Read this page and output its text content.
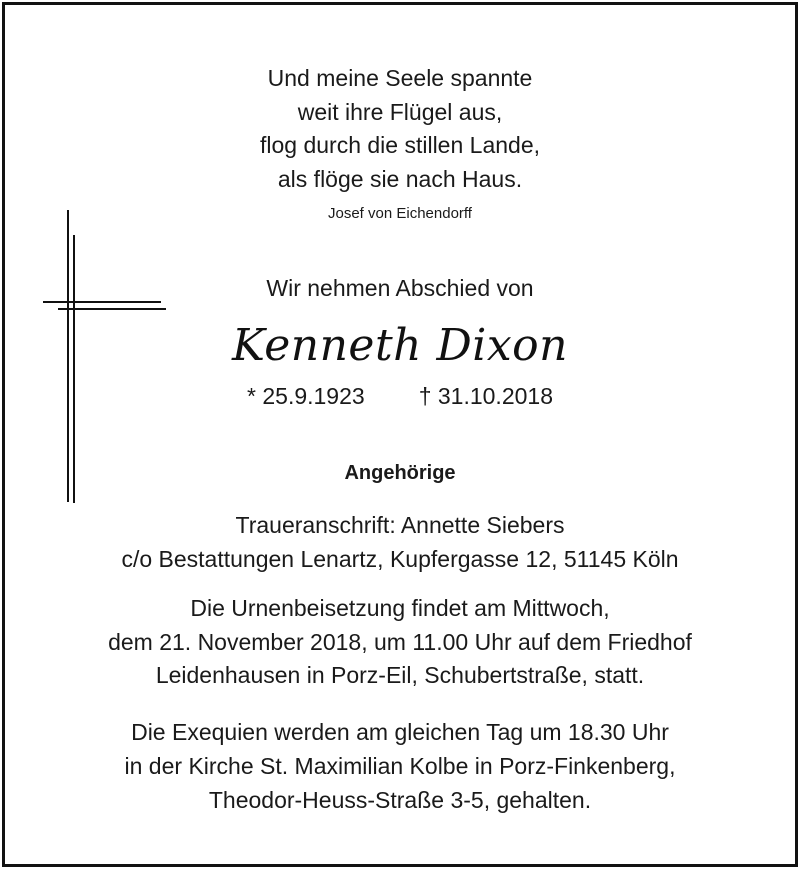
Und meine Seele spannte
weit ihre Flügel aus,
flog durch die stillen Lande,
als flöge sie nach Haus.
Josef von Eichendorff
Wir nehmen Abschied von
Kenneth Dixon
* 25.9.1923 † 31.10.2018
Angehörige
Traueranschrift: Annette Siebers
c/o Bestattungen Lenartz, Kupfergasse 12, 51145 Köln
Die Urnenbeisetzung findet am Mittwoch,
dem 21. November 2018, um 11.00 Uhr auf dem Friedhof
Leidenhausen in Porz-Eil, Schubertstraße, statt.
Die Exequien werden am gleichen Tag um 18.30 Uhr
in der Kirche St. Maximilian Kolbe in Porz-Finkenberg,
Theodor-Heuss-Straße 3-5, gehalten.
